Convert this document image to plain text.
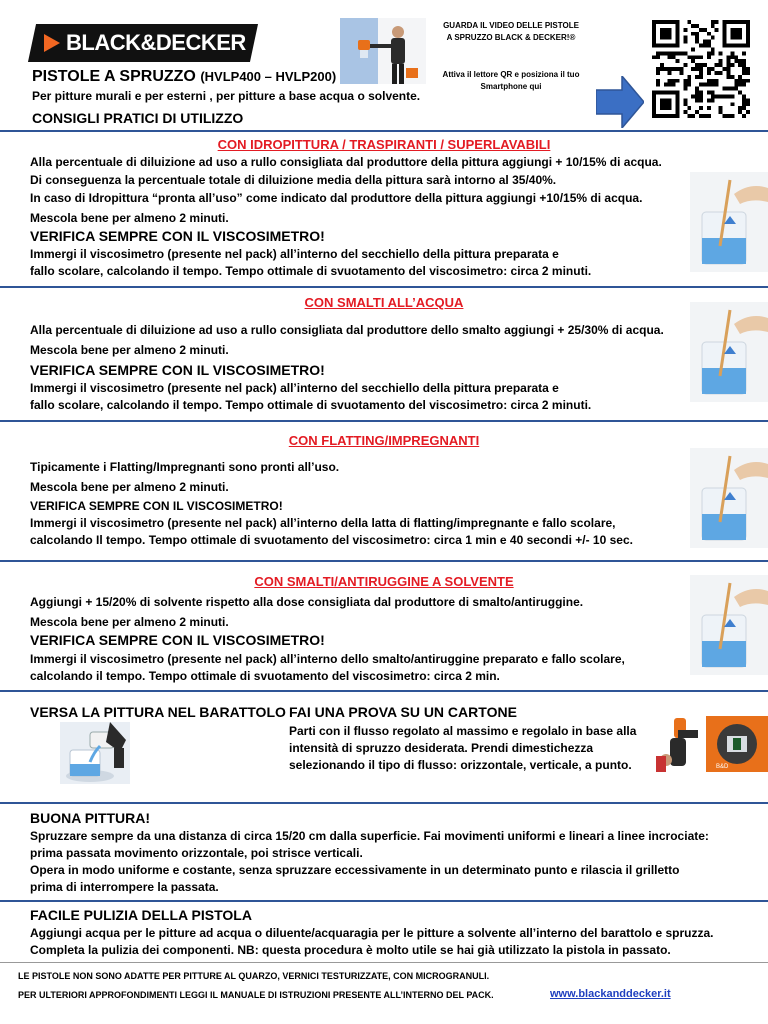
BLACK&DECKER
PISTOLE A SPRUZZO (HVLP400 – HVLP200)
Per pitture murali e per esterni , per pitture a base acqua o solvente.
GUARDA IL VIDEO DELLE PISTOLE
A SPRUZZO BLACK & DECKER!®
Attiva il lettore QR e posiziona il tuo
Smartphone qui
CONSIGLI PRATICI DI UTILIZZO
CON IDROPITTURA / TRASPIRANTI / SUPERLAVABILI
Alla percentuale di diluizione ad uso a rullo consigliata dal produttore della pittura aggiungi + 10/15% di acqua.
Di conseguenza la percentuale totale di diluizione media della pittura sarà intorno al 35/40%.
In caso di Idropittura “pronta all’uso” come indicato dal produttore della pittura aggiungi +10/15% di acqua.
Mescola bene per almeno 2 minuti.
VERIFICA SEMPRE CON IL VISCOSIMETRO!
Immergi il viscosimetro (presente nel pack) all’interno del secchiello della pittura preparata e
fallo scolare, calcolando il tempo. Tempo ottimale di svuotamento del viscosimetro: circa 2 minuti.
CON SMALTI ALL’ACQUA
Alla percentuale di diluizione ad uso a rullo consigliata dal produttore dello smalto aggiungi + 25/30% di acqua.
Mescola bene per almeno 2 minuti.
VERIFICA SEMPRE CON IL VISCOSIMETRO!
Immergi il viscosimetro (presente nel pack) all’interno del secchiello della pittura preparata e
fallo scolare, calcolando il tempo. Tempo ottimale di svuotamento del viscosimetro: circa 2 minuti.
CON FLATTING/IMPREGNANTI
Tipicamente i Flatting/Impregnanti sono pronti all’uso.
Mescola bene per almeno 2 minuti.
VERIFICA SEMPRE CON IL VISCOSIMETRO!
Immergi il viscosimetro (presente nel pack) all’interno della latta di flatting/impregnante e fallo scolare,
calcolando Il tempo. Tempo ottimale di svuotamento del viscosimetro: circa 1 min e 40 secondi +/- 10 sec.
CON SMALTI/ANTIRUGGINE A SOLVENTE
Aggiungi + 15/20% di solvente rispetto alla dose consigliata dal produttore di smalto/antiruggine.
Mescola bene per almeno 2 minuti.
VERIFICA SEMPRE CON IL VISCOSIMETRO!
Immergi il viscosimetro (presente nel pack) all’interno dello smalto/antiruggine preparato e fallo scolare,
calcolando il tempo. Tempo ottimale di svuotamento del viscosimetro: circa 2 min.
VERSA LA PITTURA NEL BARATTOLO FAI UNA PROVA SU UN CARTONE
Parti con il flusso regolato al massimo e regolalo in base alla
intensità di spruzzo desiderata. Prendi dimestichezza
selezionando il tipo di flusso: orizzontale, verticale, a punto.	B&D
BUONA PITTURA!
Spruzzare sempre da una distanza di circa 15/20 cm dalla superficie. Fai movimenti uniformi e lineari a linee incrociate:
prima passata movimento orizzontale, poi strisce verticali.
Opera in modo uniforme e costante, senza spruzzare eccessivamente in un determinato punto e rilascia il grilletto
prima di interrompere la passata.
FACILE PULIZIA DELLA PISTOLA
Aggiungi acqua per le pitture ad acqua o diluente/acquaragia per le pitture a solvente all’interno del barattolo e spruzza.
Completa la pulizia dei componenti. NB: questa procedura è molto utile se hai già utilizzato la pistola in passato.
LE PISTOLE NON SONO ADATTE PER PITTURE AL QUARZO, VERNICI TESTURIZZATE, CON MICROGRANULI.
PER ULTERIORI APPROFONDIMENTI LEGGI IL MANUALE DI ISTRUZIONI PRESENTE ALL’INTERNO DEL PACK.	www.blackanddecker.it
